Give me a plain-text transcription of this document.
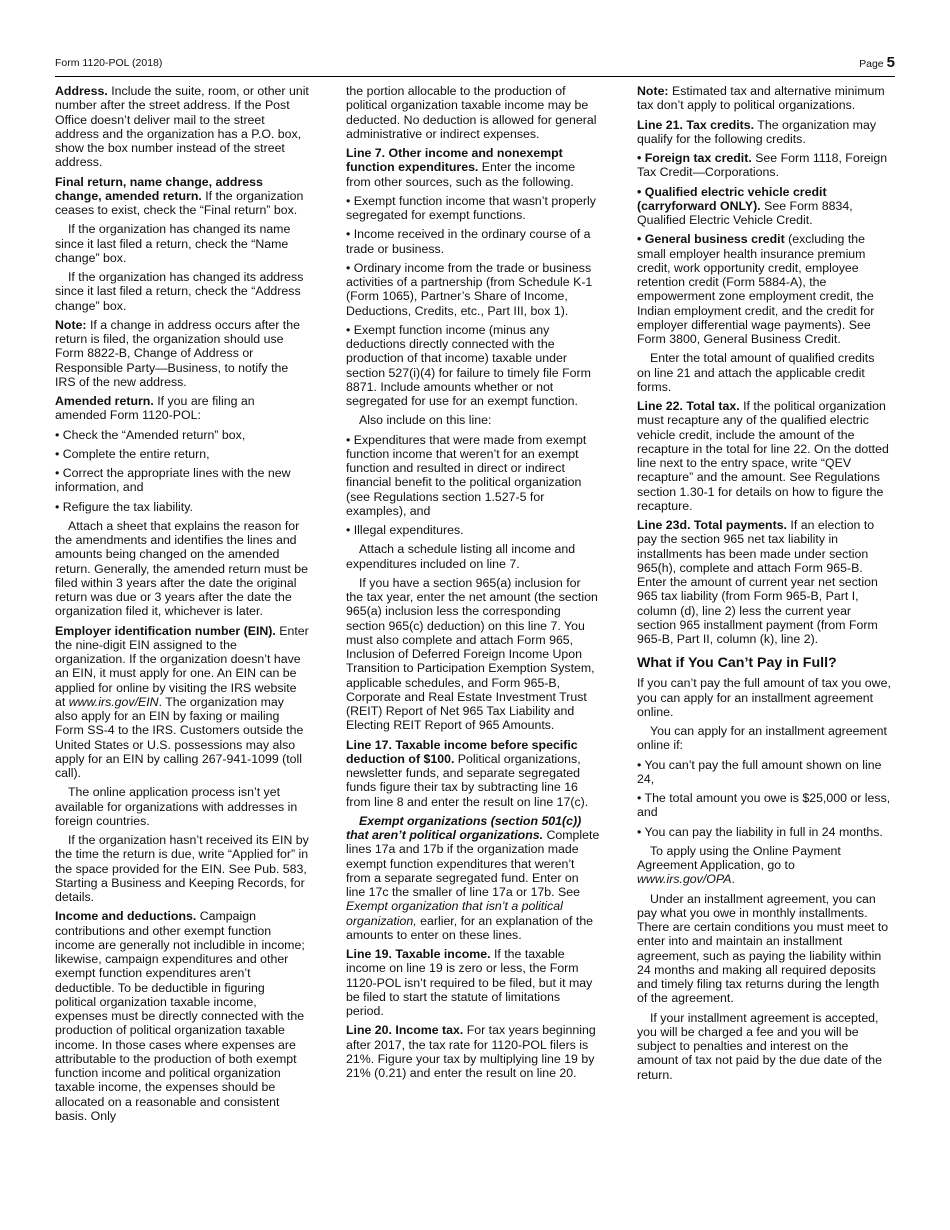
Form 1120-POL (2018)	Page 5

Address. Include the suite, room, or other unit number after the street address. If the Post Office doesn’t deliver mail to the street address and the organization has a P.O. box, show the box number instead of the street address.

Final return, name change, address change, amended return. If the organization ceases to exist, check the “Final return” box.

If the organization has changed its name since it last filed a return, check the “Name change” box.

If the organization has changed its address since it last filed a return, check the “Address change” box.

Note: If a change in address occurs after the return is filed, the organization should use Form 8822-B, Change of Address or Responsible Party—Business, to notify the IRS of the new address.

Amended return. If you are filing an amended Form 1120-POL:

• Check the “Amended return” box,

• Complete the entire return,

• Correct the appropriate lines with the new information, and

• Refigure the tax liability.

Attach a sheet that explains the reason for the amendments and identifies the lines and amounts being changed on the amended return. Generally, the amended return must be filed within 3 years after the date the original return was due or 3 years after the date the organization filed it, whichever is later.

Employer identification number (EIN). Enter the nine-digit EIN assigned to the organization. If the organization doesn’t have an EIN, it must apply for one. An EIN can be applied for online by visiting the IRS website at www.irs.gov/EIN. The organization may also apply for an EIN by faxing or mailing Form SS-4 to the IRS. Customers outside the United States or U.S. possessions may also apply for an EIN by calling 267-941-1099 (toll call).

The online application process isn’t yet available for organizations with addresses in foreign countries.

If the organization hasn’t received its EIN by the time the return is due, write “Applied for” in the space provided for the EIN. See Pub. 583, Starting a Business and Keeping Records, for details.

Income and deductions. Campaign contributions and other exempt function income are generally not includible in income; likewise, campaign expenditures and other exempt function expenditures aren’t deductible. To be deductible in figuring political organization taxable income, expenses must be directly connected with the production of political organization taxable income. In those cases where expenses are attributable to the production of both exempt function income and political organization taxable income, the expenses should be allocated on a reasonable and consistent basis. Only

the portion allocable to the production of political organization taxable income may be deducted. No deduction is allowed for general administrative or indirect expenses.

Line 7. Other income and nonexempt function expenditures. Enter the income from other sources, such as the following.

• Exempt function income that wasn’t properly segregated for exempt functions.

• Income received in the ordinary course of a trade or business.

• Ordinary income from the trade or business activities of a partnership (from Schedule K-1 (Form 1065), Partner’s Share of Income, Deductions, Credits, etc., Part III, box 1).

• Exempt function income (minus any deductions directly connected with the production of that income) taxable under section 527(i)(4) for failure to timely file Form 8871. Include amounts whether or not segregated for use for an exempt function.

Also include on this line:

• Expenditures that were made from exempt function income that weren’t for an exempt function and resulted in direct or indirect financial benefit to the political organization (see Regulations section 1.527-5 for examples), and

• Illegal expenditures.

Attach a schedule listing all income and expenditures included on line 7.

If you have a section 965(a) inclusion for the tax year, enter the net amount (the section 965(a) inclusion less the corresponding section 965(c) deduction) on this line 7. You must also complete and attach Form 965, Inclusion of Deferred Foreign Income Upon Transition to Participation Exemption System, applicable schedules, and Form 965-B, Corporate and Real Estate Investment Trust (REIT) Report of Net 965 Tax Liability and Electing REIT Report of 965 Amounts.

Line 17. Taxable income before specific deduction of $100. Political organizations, newsletter funds, and separate segregated funds figure their tax by subtracting line 16 from line 8 and enter the result on line 17(c).

Exempt organizations (section 501(c)) that aren’t political organizations. Complete lines 17a and 17b if the organization made exempt function expenditures that weren’t from a separate segregated fund. Enter on line 17c the smaller of line 17a or 17b. See Exempt organization that isn’t a political organization, earlier, for an explanation of the amounts to enter on these lines.

Line 19. Taxable income. If the taxable income on line 19 is zero or less, the Form 1120-POL isn’t required to be filed, but it may be filed to start the statute of limitations period.

Line 20. Income tax. For tax years beginning after 2017, the tax rate for 1120-POL filers is 21%. Figure your tax by multiplying line 19 by 21% (0.21) and enter the result on line 20.

Note: Estimated tax and alternative minimum tax don’t apply to political organizations.

Line 21. Tax credits. The organization may qualify for the following credits.

• Foreign tax credit. See Form 1118, Foreign Tax Credit—Corporations.

• Qualified electric vehicle credit (carryforward ONLY). See Form 8834, Qualified Electric Vehicle Credit.

• General business credit (excluding the small employer health insurance premium credit, work opportunity credit, employee retention credit (Form 5884-A), the empowerment zone employment credit, the Indian employment credit, and the credit for employer differential wage payments). See Form 3800, General Business Credit.

Enter the total amount of qualified credits on line 21 and attach the applicable credit forms.

Line 22. Total tax. If the political organization must recapture any of the qualified electric vehicle credit, include the amount of the recapture in the total for line 22. On the dotted line next to the entry space, write “QEV recapture” and the amount. See Regulations section 1.30-1 for details on how to figure the recapture.

Line 23d. Total payments. If an election to pay the section 965 net tax liability in installments has been made under section 965(h), complete and attach Form 965-B. Enter the amount of current year net section 965 tax liability (from Form 965-B, Part I, column (d), line 2) less the current year section 965 installment payment (from Form 965-B, Part II, column (k), line 2).

What if You Can’t Pay in Full?

If you can’t pay the full amount of tax you owe, you can apply for an installment agreement online.

You can apply for an installment agreement online if:

• You can’t pay the full amount shown on line 24,

• The total amount you owe is $25,000 or less, and

• You can pay the liability in full in 24 months.

To apply using the Online Payment Agreement Application, go to www.irs.gov/OPA.

Under an installment agreement, you can pay what you owe in monthly installments. There are certain conditions you must meet to enter into and maintain an installment agreement, such as paying the liability within 24 months and making all required deposits and timely filing tax returns during the length of the agreement.

If your installment agreement is accepted, you will be charged a fee and you will be subject to penalties and interest on the amount of tax not paid by the due date of the return.
